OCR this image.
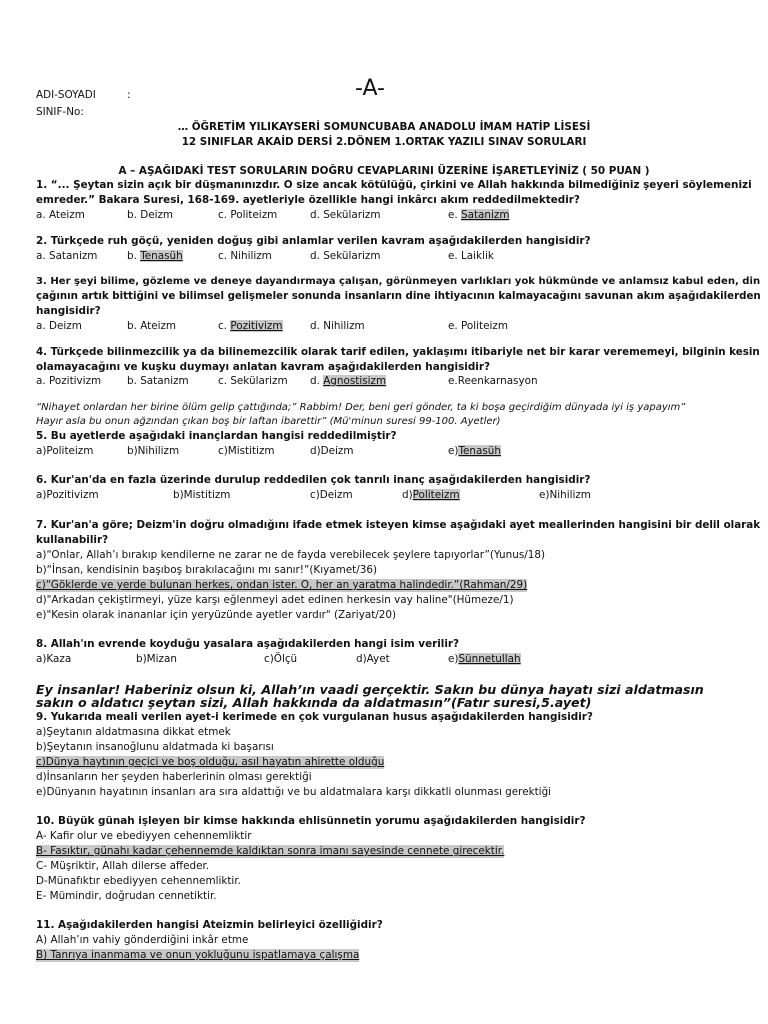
ADI-SOYADI	:	-A-
SINIF-No:
… ÖĞRETİM YILIKAYSERİ SOMUNCUBABA ANADOLU İMAM HATİP LİSESİ
12 SINIFLAR AKAİD DERSİ 2.DÖNEM 1.ORTAK YAZILI SINAV SORULARI
A – AŞAĞIDAKİ TEST SORULARIN DOĞRU CEVAPLARINI ÜZERİNE İŞARETLEYİNİZ ( 50 PUAN )
1. “... Şeytan sizin açık bir düşmanınızdır. O size ancak kötülüğü, çirkini ve Allah hakkında bilmediğiniz şeyeri söylemenizi
emreder.” Bakara Suresi, 168-169. ayetleriyle özellikle hangi inkârcı akım reddedilmektedir?
a. Ateizm	b. Deizm	c. Politeizm	d. Sekülarizm	e. Satanizm
2. Türkçede ruh göçü, yeniden doğuş gibi anlamlar verilen kavram aşağıdakilerden hangisidir?
a. Satanizm	b. Tenasüh	c. Nihilizm	d. Sekülarizm	e. Laiklik
3. Her şeyi bilime, gözleme ve deneye dayandırmaya çalışan, görünmeyen varlıkları yok hükmünde ve anlamsız kabul eden, din
çağının artık bittiğini ve bilimsel gelişmeler sonunda insanların dine ihtiyacının kalmayacağını savunan akım aşağıdakilerden
hangisidir?
a. Deizm	b. Ateizm	c. Pozitivizm	d. Nihilizm	e. Politeizm
4. Türkçede bilinmezcilik ya da bilinemezcilik olarak tarif edilen, yaklaşımı itibariyle net bir karar verememeyi, bilginin kesin
olamayacağını ve kuşku duymayı anlatan kavram aşağıdakilerden hangisidir?
a. Pozitivizm b. Satanizm	c. Sekülarizm d. Agnostisizm	e.Reenkarnasyon
“Nihayet onlardan her birine ölüm gelip çattığında;” Rabbim! Der, beni geri gönder, ta ki boşa geçirdiğim dünyada iyi iş yapayım”
Hayır asla bu onun ağzından çıkan boş bir laftan ibarettir” (Mü'minun suresi 99-100. Ayetler)
5. Bu ayetlerde aşağıdaki inançlardan hangisi reddedilmiştir?
a)Politeizm	b)Nihilizm	c)Mistitizm	d)Deizm	e)Tenasüh
6. Kur'an'da en fazla üzerinde durulup reddedilen çok tanrılı inanç aşağıdakilerden hangisidir?
a)Pozitivizm	b)Mistitizm	c)Deizm	d)Politeizm	e)Nihilizm
7. Kur'an'a göre; Deizm'in doğru olmadığını ifade etmek isteyen kimse aşağıdaki ayet meallerinden hangisini bir delil olarak
kullanabilir?
a)“Onlar, Allah’ı bırakıp kendilerne ne zarar ne de fayda verebilecek şeylere tapıyorlar”(Yunus/18)
b)“İnsan, kendisinin başıboş bırakılacağını mı sanır!”(Kıyamet/36)
c)“Göklerde ve yerde bulunan herkes, ondan ister. O, her an yaratma halindedir.”(Rahman/29)
d)"Arkadan çekiştirmeyi, yüze karşı eğlenmeyi adet edinen herkesin vay haline"(Hümeze/1)
e)"Kesin olarak inananlar için yeryüzünde ayetler vardır" (Zariyat/20)
8. Allah'ın evrende koyduğu yasalara aşağıdakilerden hangi isim verilir?
a)Kaza	b)Mizan	c)Ölçü	d)Ayet	e)Sünnetullah
Ey insanlar! Haberiniz olsun ki, Allah’ın vaadi gerçektir. Sakın bu dünya hayatı sizi aldatmasın
sakın o aldatıcı şeytan sizi, Allah hakkında da aldatmasın”(Fatır suresi,5.ayet)
9. Yukarıda meali verilen ayet-i kerimede en çok vurgulanan husus aşağıdakilerden hangisidir?
a)Şeytanın aldatmasına dikkat etmek
b)Şeytanın insanoğlunu aldatmada ki başarısı
c)Dünya haytının geçici ve boş olduğu, asıl hayatın ahirette olduğu
d)İnsanların her şeyden haberlerinin olması gerektiği
e)Dünyanın hayatının insanları ara sıra aldattığı ve bu aldatmalara karşı dikkatli olunması gerektiği
10. Büyük günah işleyen bir kimse hakkında ehlisünnetin yorumu aşağıdakilerden hangisidir?
A- Kafir olur ve ebediyyen cehennemliktir
B- Fasıktır, günahı kadar çehennemde kaldıktan sonra imanı sayesinde cennete girecektir.
C- Müşriktir, Allah dilerse affeder.
D-Münafıktır ebediyyen cehennemliktir.
E- Mümindir, doğrudan cennetiktir.
11. Aşağıdakilerden hangisi Ateizmin belirleyici özelliğidir?
A) Allah’ın vahiy gönderdiğini inkâr etme
B) Tanrıya inanmama ve onun yokluğunu ispatlamaya çalışma
